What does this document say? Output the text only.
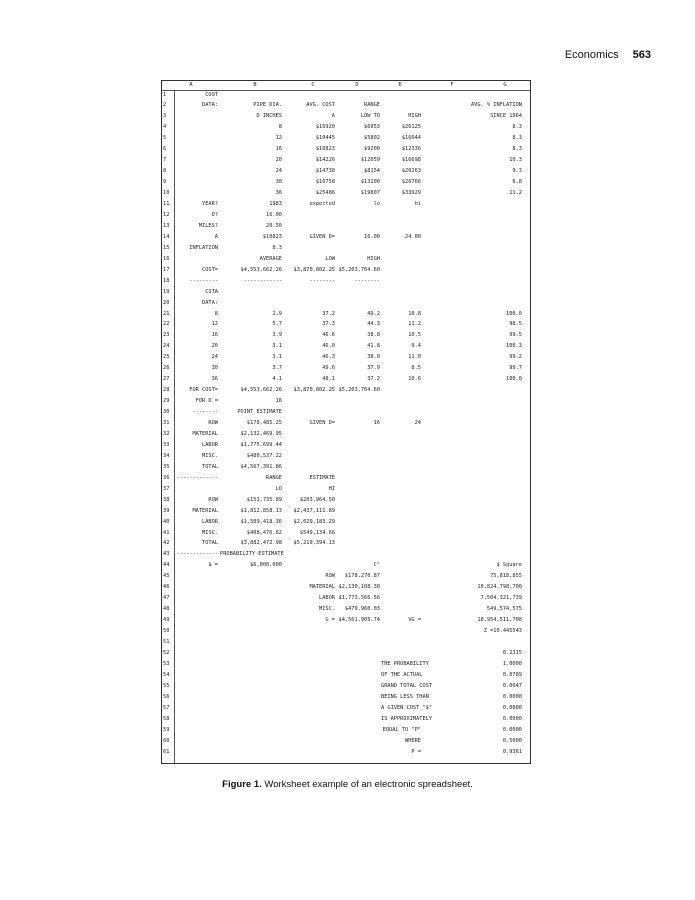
Economics 563
A	B	C	D	E	F	G
1	COST
2	DATA:	PIPE DIA.	AVG. COST	RANGE	AVG. % INFLATION
3	D INCHES	A	LOW TO	HIGH	SINCE 1964
4	8	$16920	$6953	$26125	8.3
5	12	$10445	$5802	$16644	8.3
6	16	$10823	$9200	$12336	8.3
7	20	$14226	$12059	$16698	10.3
8	24	$14738	$8154	$20263	9.3
9	30	$16758	$13100	$26766	6.8
10	36	$25486	$19807	$33929	11.2
11	YEAR?	1983	expected	lo	hi
12	D?	16.00
13	MILES?	20.50
14	A	$10823	GIVEN D=	16.00	24.00
15	INFLATION	8.3
16	AVERAGE	LOW	HIGH
17	COST=	$4,553,662.26	$3,870,802.25 $5,203,704.60
18	---------	------------	--------	--------
19	CSTA
20	DATA:
21	8	2.9	37.2	49.2	10.8	100.0
22	12	5.7	37.3	44.3	11.2	98.5
23	16	3.9	46.6	38.8	10.5	99.5
24	20	3.1	46.0	41.8	9.4	100.3
25	24	3.1	46.3	38.0	11.0	99.2
26	30	3.7	49.6	37.9	8.5	99.7
27	36	4.1	48.1	37.2	10.6	100.0
28	FOR COST=	$4,553,662.26	$3,870,802.25 $5,203,704.60
29	FOR D =	16
30	--------	POINT ESTIMATE
31	ROW	$178,485.25	GIVEN D=	16	24
32	MATERIAL	$2,132,469.95
33	LABOR	$1,775,699.44
34	MISC.	$480,537.22
35	TOTAL	$4,567,391.86
36	-------------	RANGE	ESTIMATE
37	LO	HI
38	ROW	$151,735.89	$203,964.50
39	MATERIAL	$1,812,858.13	$2,437,111.89
40	LABOR	$1,509,418.36	$2,029,183.29
41	MISC.	$408,476.62	$549,134.66
42	TOTAL	$3,882,472.98	$5,219,394.13
43	------------- PROBABILITY ESTIMATE
44	$ =	$6,000,000	C°	$ Square
45	ROW	$178,270.87	75,818,855
46	MATERIAL $2,130,108.30	10,824,798,700
47	LABOR $1,773,566.56	7,504,321,739
48	MISC.	$479,960.03	549,574,575
49	G = $4,561,905.74	VG =	18,954,511,708
50	Z =10.445543
51
52	0.2315
53	THE PROBABILITY	1.0000
54	OF THE ACTUAL	0.0789
55	GRAND TOTAL COST	0.0047
56	BEING LESS THAN	0.0000
57	A GIVEN COST "$"	0.0000
58	IS APPROXIMATELY	0.0000
59	EQUAL TO "P"	0.0000
60	WHERE	0.5000
61	P =	0.9361
Figure 1. Worksheet example of an electronic spreadsheet.
